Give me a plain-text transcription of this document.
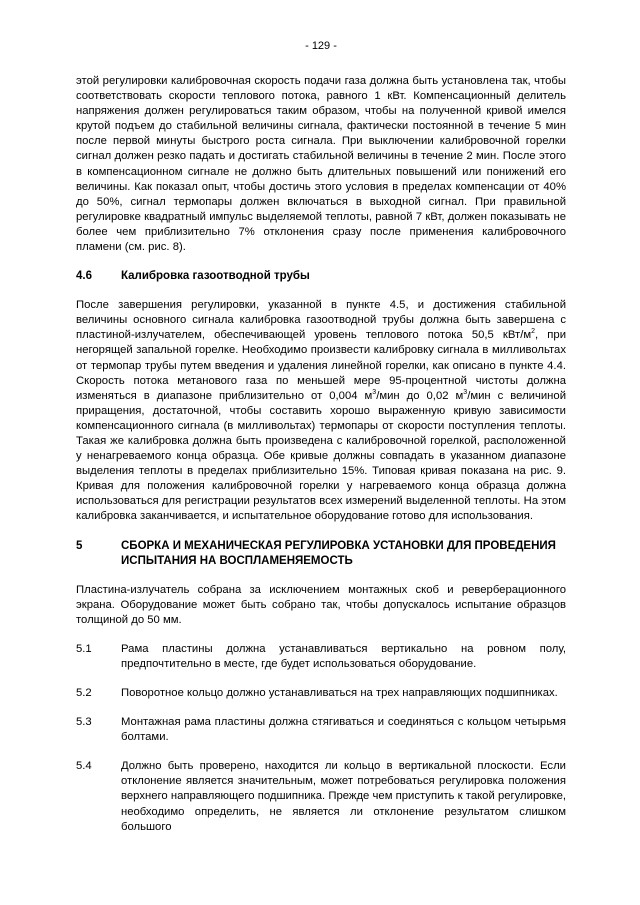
- 129 -

этой регулировки калибровочная скорость подачи газа должна быть установлена так, чтобы соответствовать скорости теплового потока, равного 1 кВт. Компенсационный делитель напряжения должен регулироваться таким образом, чтобы на полученной кривой имелся крутой подъем до стабильной величины сигнала, фактически постоянной в течение 5 мин после первой минуты быстрого роста сигнала. При выключении калибровочной горелки сигнал должен резко падать и достигать стабильной величины в течение 2 мин. После этого в компенсационном сигнале не должно быть длительных повышений или понижений его величины. Как показал опыт, чтобы достичь этого условия в пределах компенсации от 40% до 50%, сигнал термопары должен включаться в выходной сигнал. При правильной регулировке квадратный импульс выделяемой теплоты, равной 7 кВт, должен показывать не более чем приблизительно 7% отклонения сразу после применения калибровочного пламени (см. рис. 8).

4.6	Калибровка газоотводной трубы

После завершения регулировки, указанной в пункте 4.5, и достижения стабильной величины основного сигнала калибровка газоотводной трубы должна быть завершена с пластиной-излучателем, обеспечивающей уровень теплового потока 50,5 кВт/$м^2$, при негорящей запальной горелке. Необходимо произвести калибровку сигнала в милливольтах от термопар трубы путем введения и удаления линейной горелки, как описано в пункте 4.4. Скорость потока метанового газа по меньшей мере 95-процентной чистоты должна изменяться в диапазоне приблизительно от 0,004 $м^3$/мин до 0,02 $м^3$/мин с величиной приращения, достаточной, чтобы составить хорошо выраженную кривую зависимости компенсационного сигнала (в милливольтах) термопары от скорости поступления теплоты. Такая же калибровка должна быть произведена с калибровочной горелкой, расположенной у ненагреваемого конца образца. Обе кривые должны совпадать в указанном диапазоне выделения теплоты в пределах приблизительно 15%. Типовая кривая показана на рис. 9. Кривая для положения калибровочной горелки у нагреваемого конца образца должна использоваться для регистрации результатов всех измерений выделенной теплоты. На этом калибровка заканчивается, и испытательное оборудование готово для использования.

5	СБОРКА И МЕХАНИЧЕСКАЯ РЕГУЛИРОВКА УСТАНОВКИ ДЛЯ ПРОВЕДЕНИЯ ИСПЫТАНИЯ НА ВОСПЛАМЕНЯЕМОСТЬ

Пластина-излучатель собрана за исключением монтажных скоб и реверберационного экрана. Оборудование может быть собрано так, чтобы допускалось испытание образцов толщиной до 50 мм.

5.1	Рама пластины должна устанавливаться вертикально на ровном полу, предпочтительно в месте, где будет использоваться оборудование.
5.2	Поворотное кольцо должно устанавливаться на трех направляющих подшипниках.
5.3	Монтажная рама пластины должна стягиваться и соединяться с кольцом четырьмя болтами.
5.4	Должно быть проверено, находится ли кольцо в вертикальной плоскости. Если отклонение является значительным, может потребоваться регулировка положения верхнего направляющего подшипника. Прежде чем приступить к такой регулировке, необходимо определить, не является ли отклонение результатом слишком большого
